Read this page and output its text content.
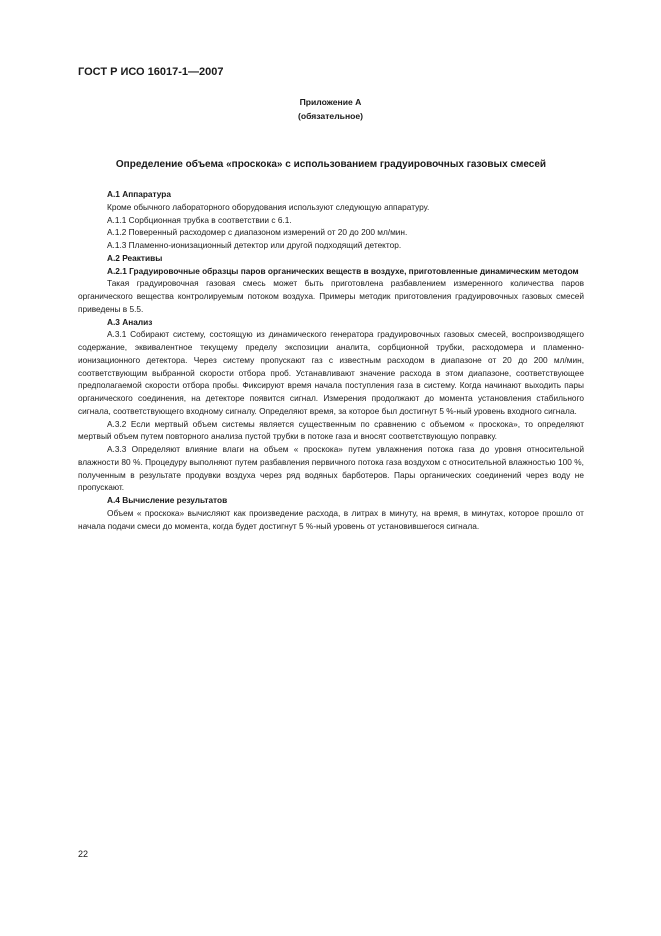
ГОСТ Р ИСО 16017-1—2007
Приложение А
(обязательное)
Определение объема «проскока» с использованием градуировочных газовых смесей

А.1 Аппаратура

Кроме обычного лабораторного оборудования используют следующую аппаратуру.

А.1.1 Сорбционная трубка в соответствии с 6.1.

А.1.2 Поверенный расходомер с диапазоном измерений от 20 до 200 мл/мин.

А.1.3 Пламенно-ионизационный детектор или другой подходящий детектор.

А.2 Реактивы

А.2.1 Градуировочные образцы паров органических веществ в воздухе, приготовленные динамическим методом

Такая градуировочная газовая смесь может быть приготовлена разбавлением измеренного количества паров органического вещества контролируемым потоком воздуха. Примеры методик приготовления градуировочных газовых смесей приведены в 5.5.

А.3 Анализ

А.3.1 Собирают систему, состоящую из динамического генератора градуировочных газовых смесей, воспроизводящего содержание, эквивалентное текущему пределу экспозиции аналита, сорбционной трубки, расходомера и пламенно-ионизационного детектора. Через систему пропускают газ с известным расходом в диапазоне от 20 до 200 мл/мин, соответствующим выбранной скорости отбора проб. Устанавливают значение расхода в этом диапазоне, соответствующее предполагаемой скорости отбора пробы. Фиксируют время начала поступления газа в систему. Когда начинают выходить пары органического соединения, на детекторе появится сигнал. Измерения продолжают до момента установления стабильного сигнала, соответствующего входному сигналу. Определяют время, за которое был достигнут 5 %-ный уровень входного сигнала.

А.3.2 Если мертвый объем системы является существенным по сравнению с объемом « проскока», то определяют мертвый объем путем повторного анализа пустой трубки в потоке газа и вносят соответствующую поправку.

А.3.3 Определяют влияние влаги на объем « проскока» путем увлажнения потока газа до уровня относительной влажности 80 %. Процедуру выполняют путем разбавления первичного потока газа воздухом с относительной влажностью 100 %, полученным в результате продувки воздуха через ряд водяных барботеров. Пары органических соединений через воду не пропускают.

А.4 Вычисление результатов

Объем « проскока» вычисляют как произведение расхода, в литрах в минуту, на время, в минутах, которое прошло от начала подачи смеси до момента, когда будет достигнут 5 %-ный уровень от установившегося сигнала.

22
